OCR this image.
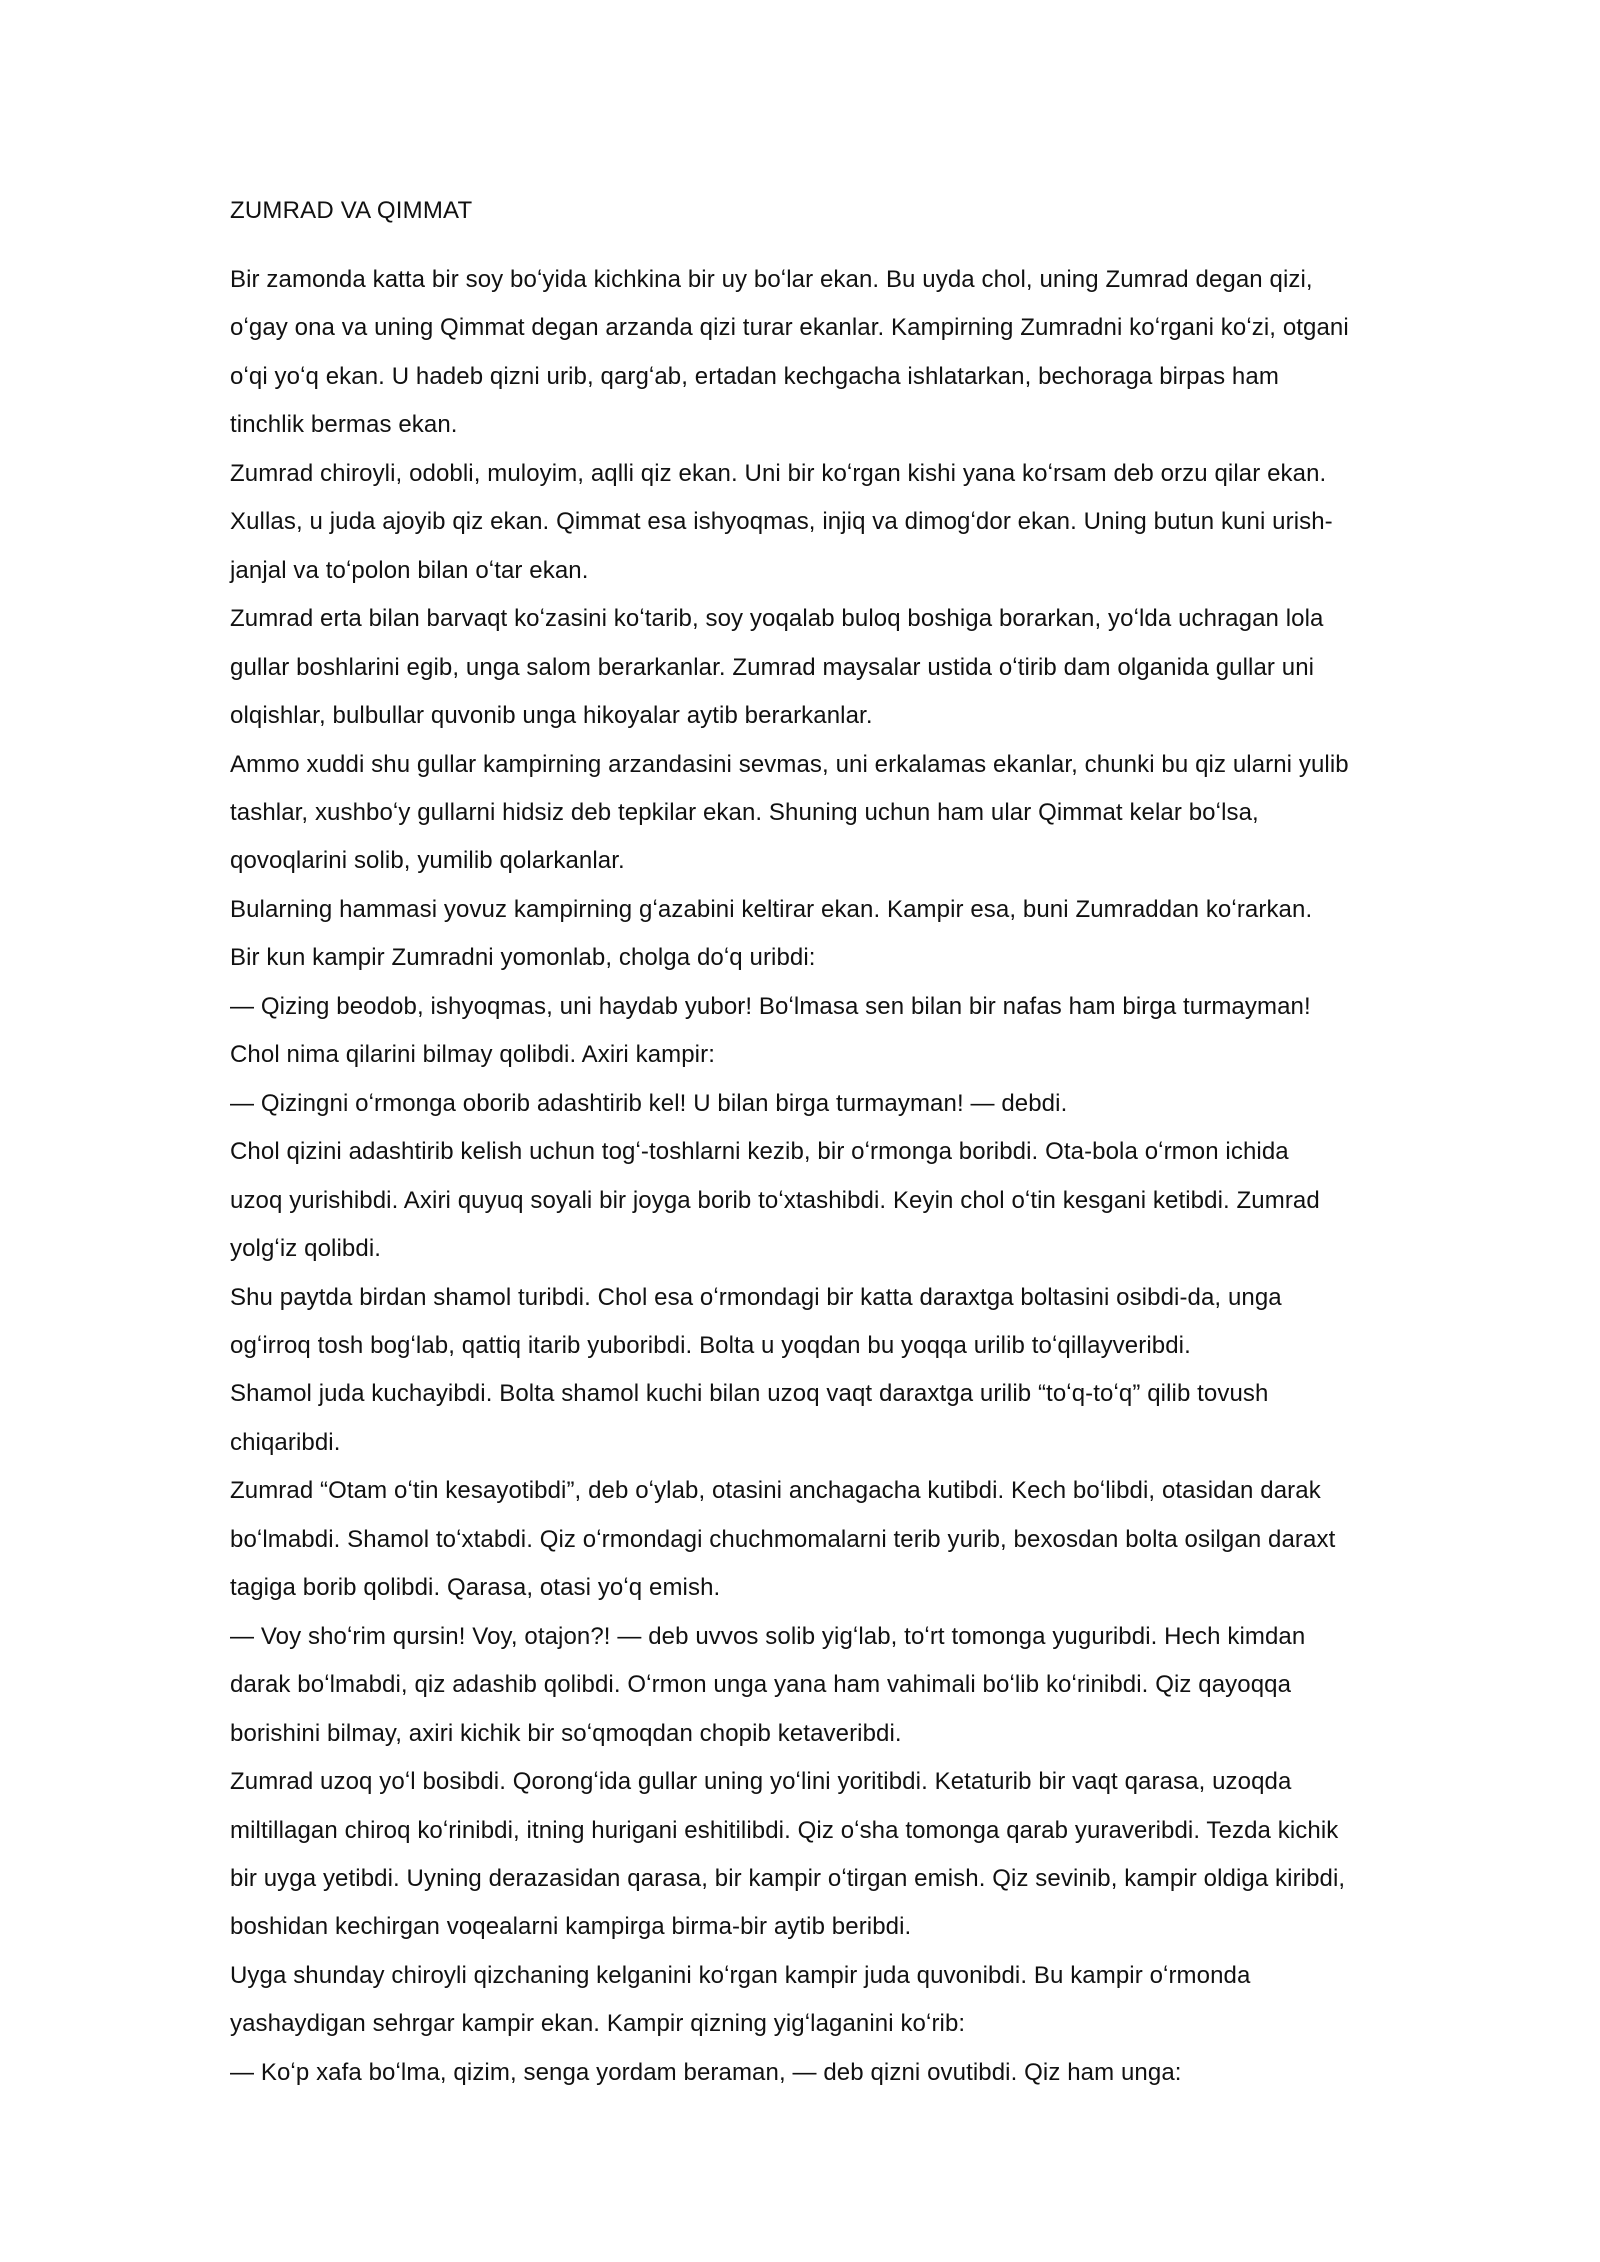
ZUMRAD VA QIMMAT

Bir zamonda katta bir soy boʻyida kichkina bir uy boʻlar ekan. Bu uyda chol, uning Zumrad degan qizi,
oʻgay ona va uning Qimmat degan arzanda qizi turar ekanlar. Kampirning Zumradni koʻrgani koʻzi, otgani
oʻqi yoʻq ekan. U hadeb qizni urib, qargʻab, ertadan kechgacha ishlatarkan, bechoraga birpas ham
tinchlik bermas ekan.

Zumrad chiroyli, odobli, muloyim, aqlli qiz ekan. Uni bir koʻrgan kishi yana koʻrsam deb orzu qilar ekan.
Xullas, u juda ajoyib qiz ekan. Qimmat esa ishyoqmas, injiq va dimogʻdor ekan. Uning butun kuni urish-
janjal va toʻpolon bilan oʻtar ekan.

Zumrad erta bilan barvaqt koʻzasini koʻtarib, soy yoqalab buloq boshiga borarkan, yoʻlda uchragan lola
gullar boshlarini egib, unga salom berarkanlar. Zumrad maysalar ustida oʻtirib dam olganida gullar uni
olqishlar, bulbullar quvonib unga hikoyalar aytib berarkanlar.

Ammo xuddi shu gullar kampirning arzandasini sevmas, uni erkalamas ekanlar, chunki bu qiz ularni yulib
tashlar, xushboʻy gullarni hidsiz deb tepkilar ekan. Shuning uchun ham ular Qimmat kelar boʻlsa,
qovoqlarini solib, yumilib qolarkanlar.

Bularning hammasi yovuz kampirning gʻazabini keltirar ekan. Kampir esa, buni Zumraddan koʻrarkan.

Bir kun kampir Zumradni yomonlab, cholga doʻq uribdi:

— Qizing beodob, ishyoqmas, uni haydab yubor! Boʻlmasa sen bilan bir nafas ham birga turmayman!

Chol nima qilarini bilmay qolibdi. Axiri kampir:

— Qizingni oʻrmonga oborib adashtirib kel! U bilan birga turmayman! — debdi.

Chol qizini adashtirib kelish uchun togʻ-toshlarni kezib, bir oʻrmonga boribdi. Ota-bola oʻrmon ichida
uzoq yurishibdi. Axiri quyuq soyali bir joyga borib toʻxtashibdi. Keyin chol oʻtin kesgani ketibdi. Zumrad
yolgʻiz qolibdi.

Shu paytda birdan shamol turibdi. Chol esa oʻrmondagi bir katta daraxtga boltasini osibdi-da, unga
ogʻirroq tosh bogʻlab, qattiq itarib yuboribdi. Bolta u yoqdan bu yoqqa urilib toʻqillayveribdi.

Shamol juda kuchayibdi. Bolta shamol kuchi bilan uzoq vaqt daraxtga urilib “toʻq-toʻq” qilib tovush
chiqaribdi.

Zumrad “Otam oʻtin kesayotibdi”, deb oʻylab, otasini anchagacha kutibdi. Kech boʻlibdi, otasidan darak
boʻlmabdi. Shamol toʻxtabdi. Qiz oʻrmondagi chuchmomalarni terib yurib, bexosdan bolta osilgan daraxt
tagiga borib qolibdi. Qarasa, otasi yoʻq emish.

— Voy shoʻrim qursin! Voy, otajon?! — deb uvvos solib yigʻlab, toʻrt tomonga yuguribdi. Hech kimdan
darak boʻlmabdi, qiz adashib qolibdi. Oʻrmon unga yana ham vahimali boʻlib koʻrinibdi. Qiz qayoqqa
borishini bilmay, axiri kichik bir soʻqmoqdan chopib ketaveribdi.

Zumrad uzoq yoʻl bosibdi. Qorongʻida gullar uning yoʻlini yoritibdi. Ketaturib bir vaqt qarasa, uzoqda
miltillagan chiroq koʻrinibdi, itning hurigani eshitilibdi. Qiz oʻsha tomonga qarab yuraveribdi. Tezda kichik
bir uyga yetibdi. Uyning derazasidan qarasa, bir kampir oʻtirgan emish. Qiz sevinib, kampir oldiga kiribdi,
boshidan kechirgan voqealarni kampirga birma-bir aytib beribdi.

Uyga shunday chiroyli qizchaning kelganini koʻrgan kampir juda quvonibdi. Bu kampir oʻrmonda
yashaydigan sehrgar kampir ekan. Kampir qizning yigʻlaganini koʻrib:

— Koʻp xafa boʻlma, qizim, senga yordam beraman, — deb qizni ovutibdi. Qiz ham unga:
